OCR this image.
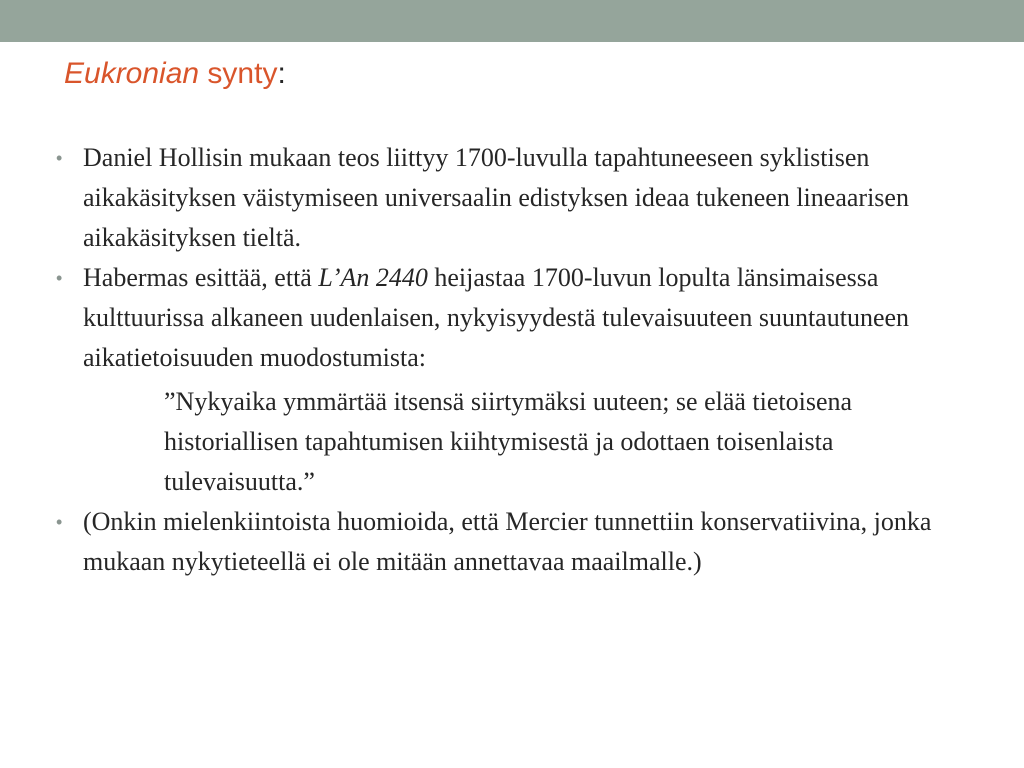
Eukronian synty:
• Daniel Hollisin mukaan teos liittyy 1700-luvulla tapahtuneeseen syklistisen aikakäsityksen väistymiseen universaalin edistyksen ideaa tukeneen lineaarisen aikakäsityksen tieltä.
• Habermas esittää, että L’An 2440 heijastaa 1700-luvun lopulta länsimaisessa kulttuurissa alkaneen uudenlaisen, nykyisyydestä tulevaisuuteen suuntautuneen aikatietoisuuden muodostumista:
”Nykyaika ymmärtää itsensä siirtymäksi uuteen; se elää tietoisena historiallisen tapahtumisen kiihtymisestä ja odottaen toisenlaista tulevaisuutta.”
• (Onkin mielenkiintoista huomioida, että Mercier tunnettiin konservatiivina, jonka mukaan nykytieteellä ei ole mitään annettavaa maailmalle.)
